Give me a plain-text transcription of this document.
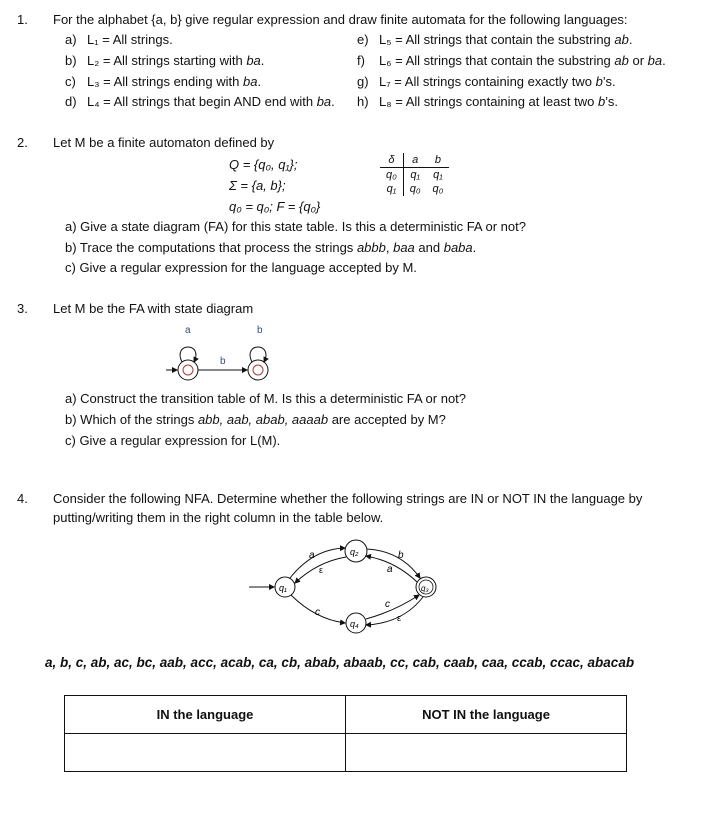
1. For the alphabet {a, b} give regular expression and draw finite automata for the following languages:
a) L₁ = All strings.
b) L₂ = All strings starting with ba.
c) L₃ = All strings ending with ba.
d) L₄ = All strings that begin AND end with ba.
e) L₅ = All strings that contain the substring ab.
f) L₆ = All strings that contain the substring ab or ba.
g) L₇ = All strings containing exactly two b’s.
h) L₈ = All strings containing at least two b’s.
2. Let M be a finite automaton defined by
Q = {q₀, q₁};
Σ = {a, b};
q₀ = q₀; F = {q₀}
δ	a	b
q₀	q₁	q₁
q₁	q₀	q₀
a) Give a state diagram (FA) for this state table. Is this a deterministic FA or not?
b) Trace the computations that process the strings abbb, baa and baba.
c) Give a regular expression for the language accepted by M.
3. Let M be the FA with state diagram
a
b
b
a) Construct the transition table of M. Is this a deterministic FA or not?
b) Which of the strings abb, aab, abab, aaaab are accepted by M?
c) Give a regular expression for L(M).
4. Consider the following NFA. Determine whether the following strings are IN or NOT IN the language by
putting/writing them in the right column in the table below.
q₁
q₂
q₃
q₄
a
ε
b
a
c
c
ε
a, b, c, ab, ac, bc, aab, acc, acab, ca, cb, abab, abaab, cc, cab, caab, caa, ccab, ccac, abacab
IN the language	NOT IN the language
